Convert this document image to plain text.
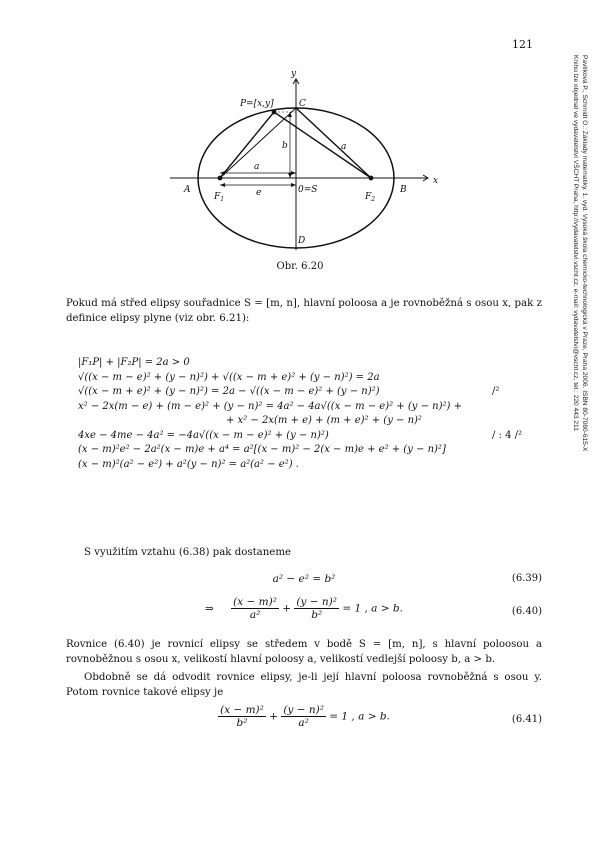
121
Pavlíková P., Schmidt O.: Základy matematiky. 1. vyd. Vysoká škola chemicko-technologická v Praze, Praha 2006. ISBN 80-7080-615-X
Knihu lze objednat ve vydavatelství VŠCHT Praha, http://vydavatelstvi.vscht.cz, e-mail: vydavatelstvi@vscht.cz, tel.: 220 443 211
y
x
P=[x,y]	C
b	a
a
A	B
e
$F_1$	$F_2$
0=S
D
Obr. 6.20

Pokud má střed elipsy souřadnice S = [m, n], hlavní poloosa a je rovnoběžná s osou x, pak z definice elipsy plyne (viz obr. 6.21):

|F₁P| + |F₂P| = 2a > 0
√((x − m − e)² + (y − n)²) + √((x − m + e)² + (y − n)²) = 2a
√((x − m + e)² + (y − n)²) = 2a − √((x − m − e)² + (y − n)²)	/²
x² − 2x(m − e) + (m − e)² + (y − n)² = 4a² − 4a√((x − m − e)² + (y − n)²) +
+ x² − 2x(m + e) + (m + e)² + (y − n)²
4xe − 4me − 4a² = −4a√((x − m − e)² + (y − n)²)	/ : 4 /²
(x − m)²e² − 2a²(x − m)e + a⁴ = a²[(x − m)² − 2(x − m)e + e² + (y − n)²]
(x − m)²(a² − e²) + a²(y − n)² = a²(a² − e²) .

S využitím vztahu (6.38) pak dostaneme

a² − e² = b²	(6.39)
⇒ $\frac{\text{(x − m)²}}{\text{a²}} + \frac{\text{(y − n)²}}{\text{b²}} = 1$ , a > b.	(6.40)

Rovnice (6.40) je rovnicí elipsy se středem v bodě S = [m, n], s hlavní poloosou a rovnoběžnou s osou x, velikostí hlavní poloosy a, velikostí vedlejší poloosy b, a > b.

Obdobně se dá odvodit rovnice elipsy, je-li její hlavní poloosa rovnoběžná s osou y. Potom rovnice takové elipsy je

$\frac{\text{(x − m)²}}{\text{b²}} + \frac{\text{(y − n)²}}{\text{a²}} = 1$ , a > b.	(6.41)
